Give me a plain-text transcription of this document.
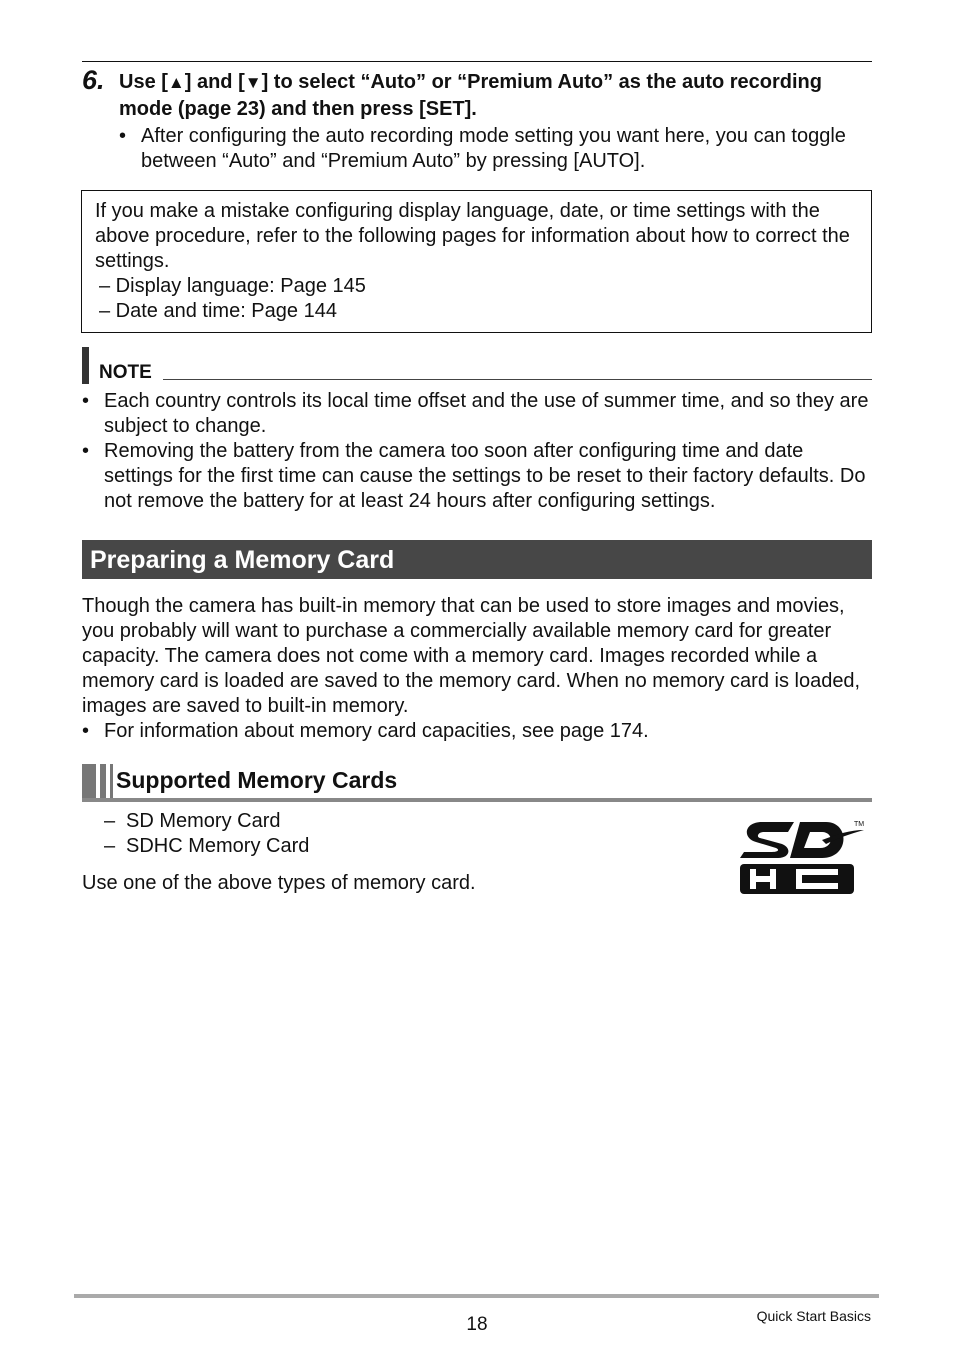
6. Use [▲] and [▼] to select “Auto” or “Premium Auto” as the auto recording mode (page 23) and then press [SET].
• After configuring the auto recording mode setting you want here, you can toggle between “Auto” and “Premium Auto” by pressing [AUTO].
If you make a mistake configuring display language, date, or time settings with the above procedure, refer to the following pages for information about how to correct the settings.
– Display language: Page 145
– Date and time: Page 144
NOTE
• Each country controls its local time offset and the use of summer time, and so they are subject to change.
• Removing the battery from the camera too soon after configuring time and date settings for the first time can cause the settings to be reset to their factory defaults. Do not remove the battery for at least 24 hours after configuring settings.
Preparing a Memory Card
Though the camera has built-in memory that can be used to store images and movies, you probably will want to purchase a commercially available memory card for greater capacity. The camera does not come with a memory card. Images recorded while a memory card is loaded are saved to the memory card. When no memory card is loaded, images are saved to built-in memory.
• For information about memory card capacities, see page 174.
Supported Memory Cards
– SD Memory Card
– SDHC Memory Card
Use one of the above types of memory card.
TM
18	Quick Start Basics
